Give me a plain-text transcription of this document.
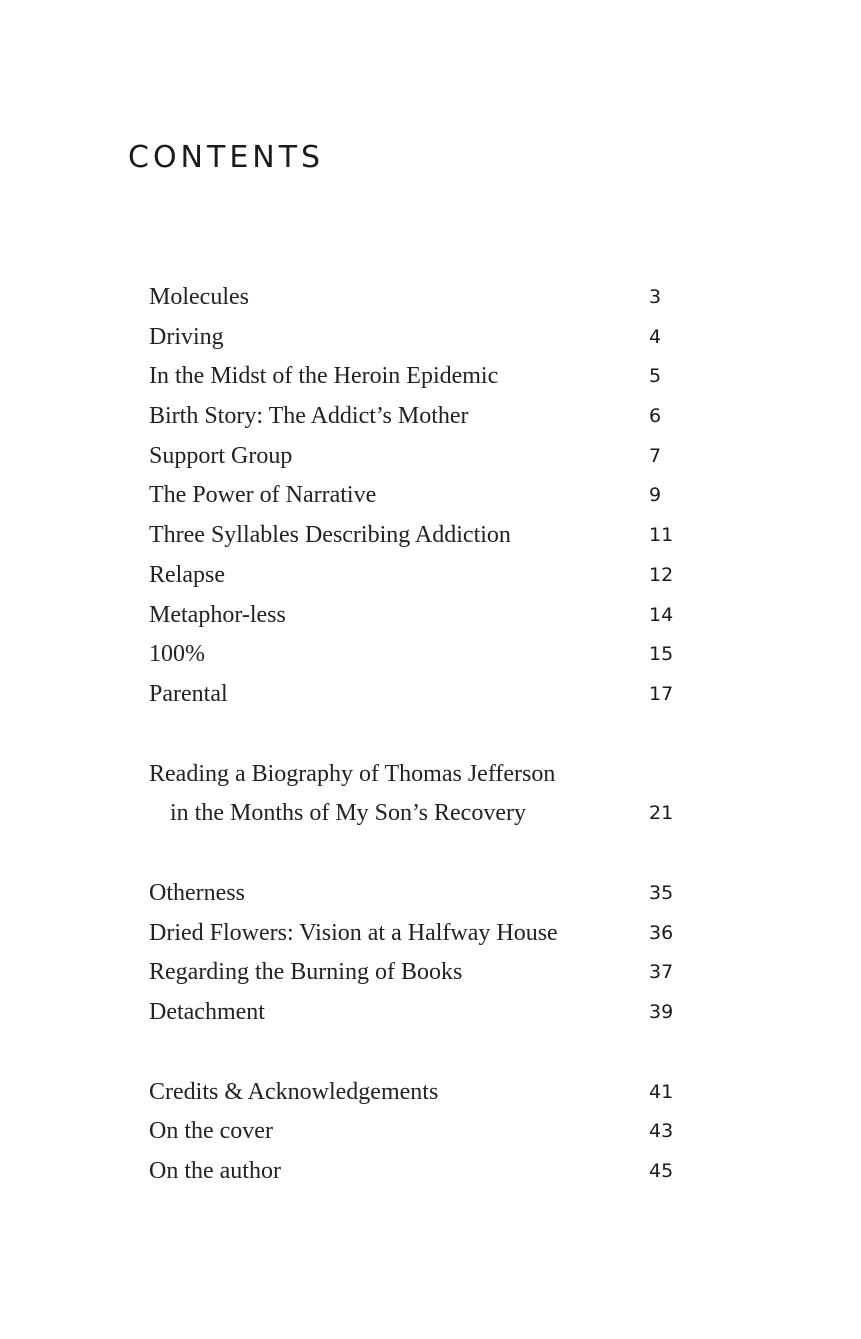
CONTENTS
Molecules	3
Driving	4
In the Midst of the Heroin Epidemic	5
Birth Story: The Addict’s Mother	6
Support Group	7
The Power of Narrative	9
Three Syllables Describing Addiction	11
Relapse	12
Metaphor-less	14
100%	15
Parental	17
Reading a Biography of Thomas Jefferson
in the Months of My Son’s Recovery	21
Otherness	35
Dried Flowers: Vision at a Halfway House	36
Regarding the Burning of Books	37
Detachment	39
Credits & Acknowledgements	41
On the cover	43
On the author	45
